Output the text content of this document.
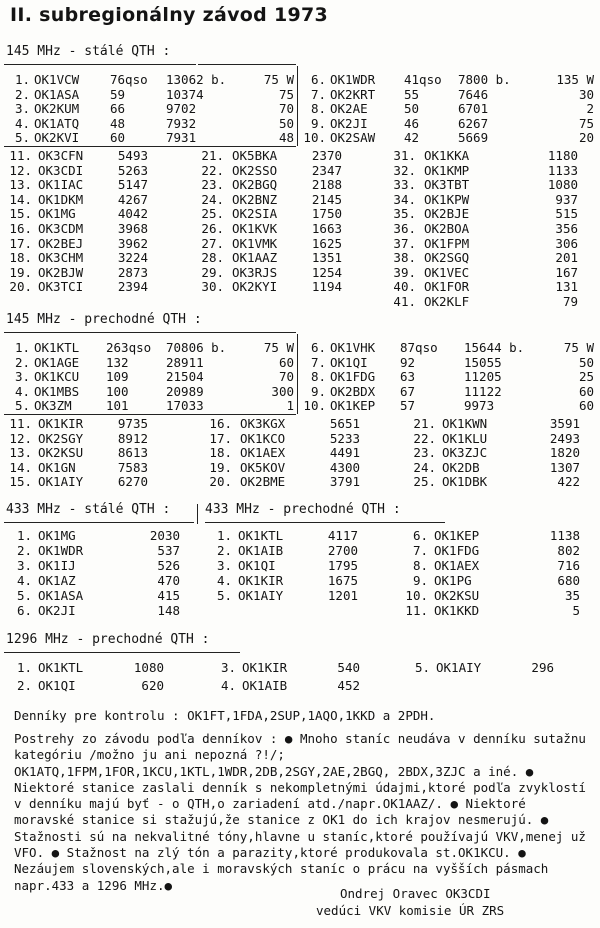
II. subregionálny závod 1973
145 MHz - stálé QTH :
1. OK1VCW 76qso 13062 b.	75 W
2. OK1ASA 59	10374	75
3. OK2KUM 66	9702	70
4. OK1ATQ 48	7932	50
5. OK2KVI 60	7931	48
6. OK1WDR 41qso 7800 b.	135 W
7. OK2KRT 55	7646	30
8. OK2AE	50	6701	2
9. OK2JI	46	6267	75
10. OK2SAW 42	5669	20
11. OK3CFN	5493
12. OK3CDI	5263
13. OK1IAC	5147
14. OK1DKM	4267
15. OK1MG	4042
16. OK3CDM	3968
17. OK2BEJ	3962
18. OK3CHM	3224
19. OK2BJW	2873
20. OK3TCI	2394
21. OK5BKA	2370
22. OK2SSO	2347
23. OK2BGQ	2188
24. OK2BNZ	2145
25. OK2SIA	1750
26. OK1KVK	1663
27. OK1VMK	1625
28. OK1AAZ	1351
29. OK3RJS	1254
30. OK2KYI	1194
31. OK1KKA	1180
32. OK1KMP	1133
33. OK3TBT	1080
34. OK1KPW	937
35. OK2BJE	515
36. OK2BOA	356
37. OK1FPM	306
38. OK2SGQ	201
39. OK1VEC	167
40. OK1FOR	131
41. OK2KLF	79
145 MHz - prechodné QTH :
1. OK1KTL 263qso 70806 b.	75 W
2. OK1AGE 132	28911	60
3. OK1KCU 109	21504	70
4. OK1MBS 100	20989	300
5. OK3ZM	101	17033	1
6. OK1VHK 87qso 15644 b.	75 W
7. OK1QI	92	15055	50
8. OK1FDG 63	11205	25
9. OK2BDX 67	11122	60
10. OK1KEP 57	9973	60
11. OK1KIR	9735
12. OK2SGY	8912
13. OK2KSU	8613
14. OK1GN	7583
15. OK1AIY	6270
16. OK3KGX	5651
17. OK1KCO	5233
18. OK1AEX	4491
19. OK5KOV	4300
20. OK2BME	3791
21. OK1KWN	3591
22. OK1KLU	2493
23. OK3ZJC	1820
24. OK2DB	1307
25. OK1DBK	422
433 MHz - stálé QTH :	433 MHz - prechodné QTH :
1. OK1MG	2030
2. OK1WDR	537
3. OK1IJ	526
4. OK1AZ	470
5. OK1ASA	415
6. OK2JI	148
1. OK1KTL	4117
2. OK1AIB	2700
3. OK1QI	1795
4. OK1KIR	1675
5. OK1AIY	1201
6. OK1KEP	1138
7. OK1FDG	802
8. OK1AEX	716
9. OK1PG	680
10. OK2KSU	35
11. OK1KKD	5
1296 MHz - prechodné QTH :
1. OK1KTL	1080
2. OK1QI	620
3. OK1KIR	540
4. OK1AIB	452
5. OK1AIY	296
Denníky pre kontrolu : OK1FT,1FDA,2SUP,1AQO,1KKD a 2PDH.
Postrehy zo závodu podľa denníkov : ● Mnoho staníc neudáva v denníku sutažnu kategóriu /možno ju ani nepozná ?!/; OK1ATQ,1FPM,1FOR,1KCU,1KTL,1WDR,2DB,2SGY,2AE,2BGQ, 2BDX,3ZJC a iné. ● Niektoré stanice zaslali denník s nekompletnými údajmi,ktoré podľa zvyklostí v denníku majú byť - o QTH,o zariadení atd./napr.OK1AAZ/. ● Niektoré moravské stanice si stažujú,že stanice z OK1 do ich krajov nesmerujú. ● Stažnosti sú na nekvalitné tóny,hlavne u staníc,ktoré používajú VKV,menej už VFO. ● Stažnost na zlý tón a parazity,ktoré produkovala st.OK1KCU. ● Nezáujem slovenských,ale i moravských staníc o prácu na vyšších pásmach napr.433 a 1296 MHz.●
Ondrej Oravec OK3CDI
vedúci VKV komisie ÚR ZRS
